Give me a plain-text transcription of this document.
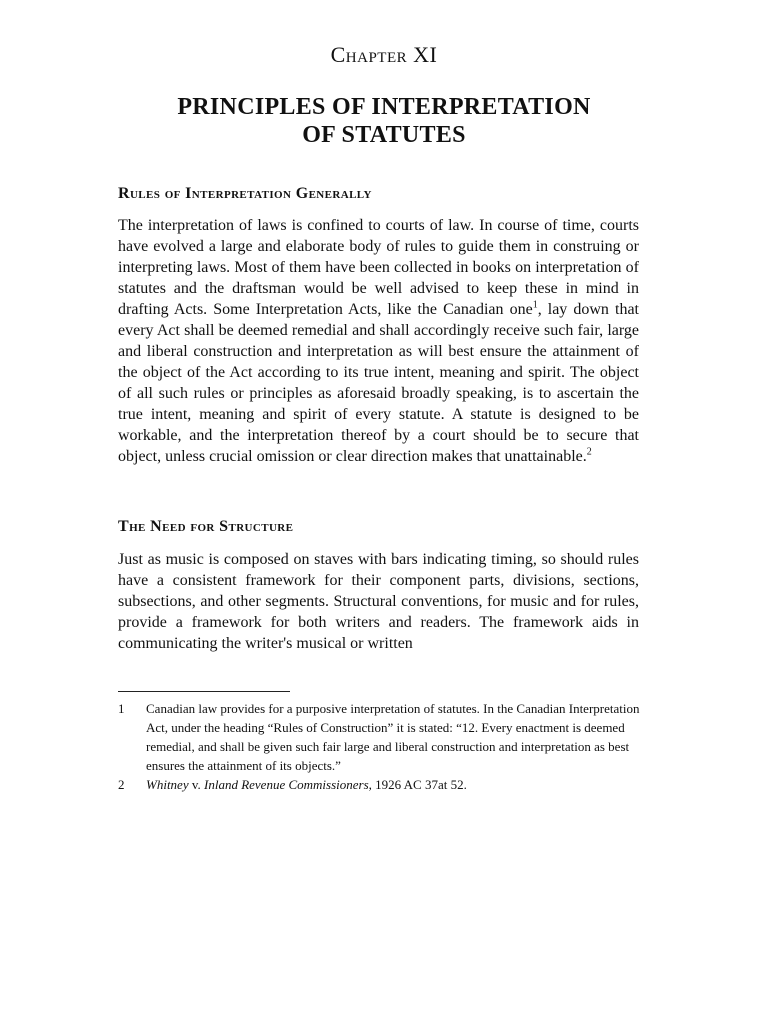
Chapter XI
PRINCIPLES OF INTERPRETATION
OF STATUTES
Rules of Interpretation Generally

The interpretation of laws is confined to courts of law. In course of time, courts have evolved a large and elaborate body of rules to guide them in construing or interpreting laws. Most of them have been collected in books on interpretation of statutes and the draftsman would be well advised to keep these in mind in drafting Acts. Some Interpretation Acts, like the Canadian one$^1$, lay down that every Act shall be deemed remedial and shall accordingly receive such fair, large and liberal construction and interpretation as will best ensure the attainment of the object of the Act according to its true intent, meaning and spirit. The object of all such rules or principles as aforesaid broadly speaking, is to ascertain the true intent, meaning and spirit of every statute. A statute is designed to be workable, and the interpretation thereof by a court should be to secure that object, unless crucial omission or clear direction makes that unattainable.$^2$

The Need for Structure

Just as music is composed on staves with bars indicating timing, so should rules have a consistent framework for their component parts, divisions, sections, subsections, and other segments. Structural conventions, for music and for rules, provide a framework for both writers and readers. The framework aids in communicating the writer's musical or written

1	Canadian law provides for a purposive interpretation of statutes. In the Canadian Interpretation Act, under the heading “Rules of Construction” it is stated: “12. Every enactment is deemed remedial, and shall be given such fair large and liberal construction and interpretation as best ensures the attainment of its objects.”
2	Whitney v. Inland Revenue Commissioners, 1926 AC 37at 52.
